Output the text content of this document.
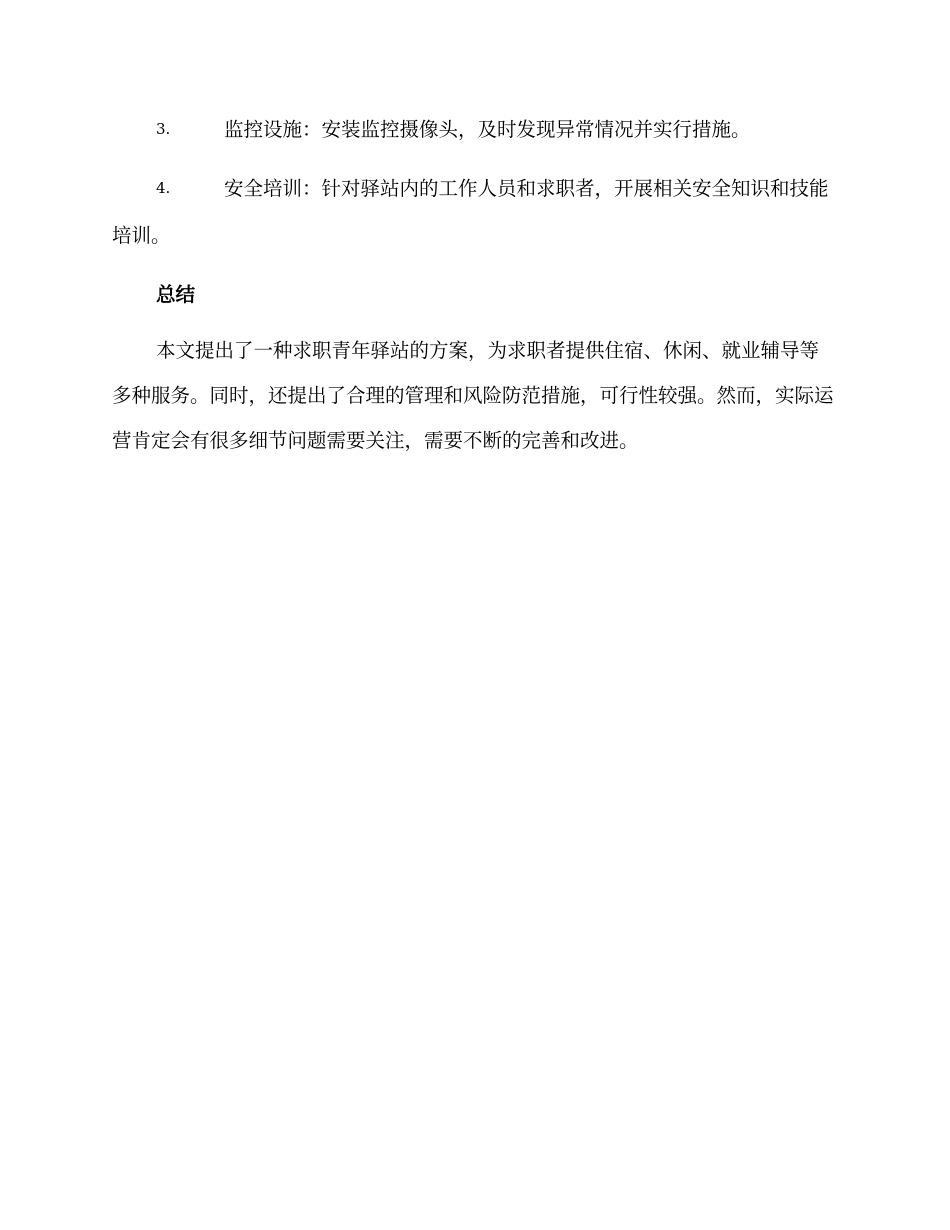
3.	监控设施：安装监控摄像头，及时发现异常情况并实行措施。

4.	安全培训：针对驿站内的工作人员和求职者，开展相关安全知识和技能培训。

总结

本文提出了一种求职青年驿站的方案，为求职者提供住宿、休闲、就业辅导等多种服务。同时，还提出了合理的管理和风险防范措施，可行性较强。然而，实际运营肯定会有很多细节问题需要关注，需要不断的完善和改进。
